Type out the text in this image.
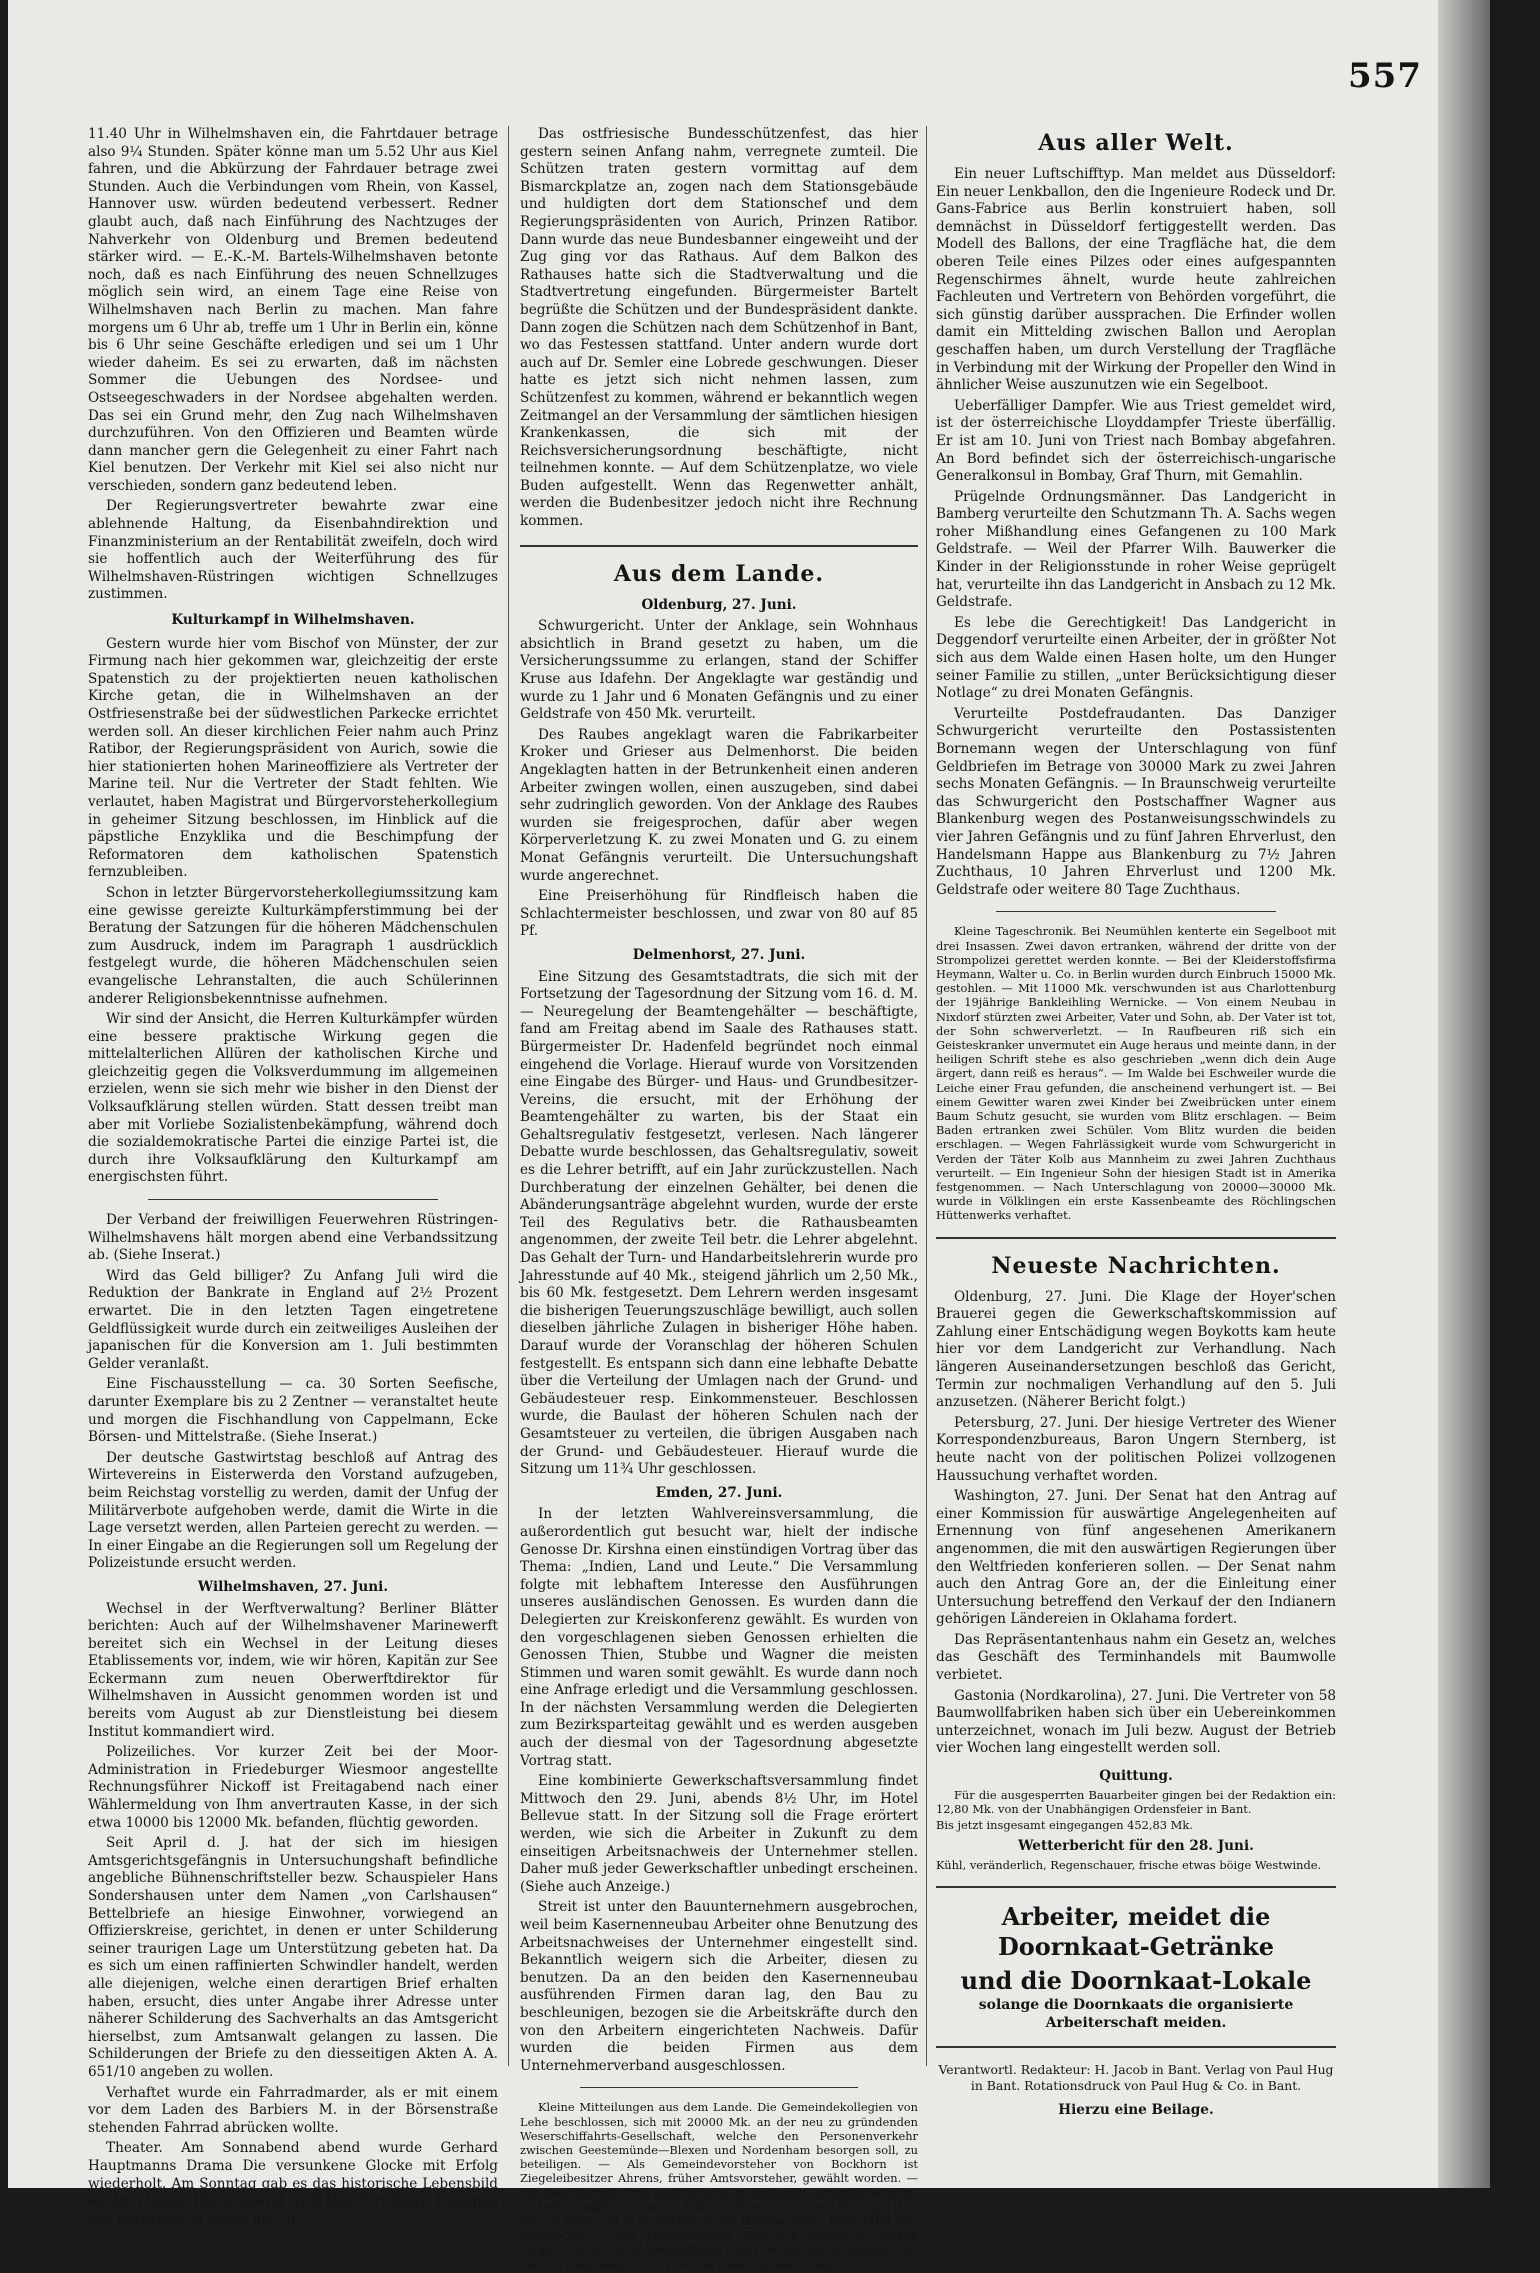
557

11.40 Uhr in Wilhelmshaven ein, die Fahrtdauer betrage also 9¼ Stunden. Später könne man um 5.52 Uhr aus Kiel fahren, und die Abkürzung der Fahrdauer betrage zwei Stunden. Auch die Verbindungen vom Rhein, von Kassel, Hannover usw. würden bedeutend verbessert. Redner glaubt auch, daß nach Einführung des Nachtzuges der Nahverkehr von Oldenburg und Bremen bedeutend stärker wird. — E.-K.-M. Bartels-Wilhelmshaven betonte noch, daß es nach Einführung des neuen Schnellzuges möglich sein wird, an einem Tage eine Reise von Wilhelmshaven nach Berlin zu machen. Man fahre morgens um 6 Uhr ab, treffe um 1 Uhr in Berlin ein, könne bis 6 Uhr seine Geschäfte erledigen und sei um 1 Uhr wieder daheim. Es sei zu erwarten, daß im nächsten Sommer die Uebungen des Nordsee- und Ostseegeschwaders in der Nordsee abgehalten werden. Das sei ein Grund mehr, den Zug nach Wilhelmshaven durchzuführen. Von den Offizieren und Beamten würde dann mancher gern die Gelegenheit zu einer Fahrt nach Kiel benutzen. Der Verkehr mit Kiel sei also nicht nur verschieden, sondern ganz bedeutend leben.

Der Regierungsvertreter bewahrte zwar eine ablehnende Haltung, da Eisenbahndirektion und Finanzministerium an der Rentabilität zweifeln, doch wird sie hoffentlich auch der Weiterführung des für Wilhelmshaven-Rüstringen wichtigen Schnellzuges zustimmen.

Kulturkampf in Wilhelmshaven.

Gestern wurde hier vom Bischof von Münster, der zur Firmung nach hier gekommen war, gleichzeitig der erste Spatenstich zu der projektierten neuen katholischen Kirche getan, die in Wilhelmshaven an der Ostfriesenstraße bei der südwestlichen Parkecke errichtet werden soll. An dieser kirchlichen Feier nahm auch Prinz Ratibor, der Regierungspräsident von Aurich, sowie die hier stationierten hohen Marineoffiziere als Vertreter der Marine teil. Nur die Vertreter der Stadt fehlten. Wie verlautet, haben Magistrat und Bürgervorsteherkollegium in geheimer Sitzung beschlossen, im Hinblick auf die päpstliche Enzyklika und die Beschimpfung der Reformatoren dem katholischen Spatenstich fernzubleiben.

Schon in letzter Bürgervorsteherkollegiumssitzung kam eine gewisse gereizte Kulturkämpferstimmung bei der Beratung der Satzungen für die höheren Mädchenschulen zum Ausdruck, indem im Paragraph 1 ausdrücklich festgelegt wurde, die höheren Mädchenschulen seien evangelische Lehranstalten, die auch Schülerinnen anderer Religionsbekenntnisse aufnehmen.

Wir sind der Ansicht, die Herren Kulturkämpfer würden eine bessere praktische Wirkung gegen die mittelalterlichen Allüren der katholischen Kirche und gleichzeitig gegen die Volksverdummung im allgemeinen erzielen, wenn sie sich mehr wie bisher in den Dienst der Volksaufklärung stellen würden. Statt dessen treibt man aber mit Vorliebe Sozialistenbekämpfung, während doch die sozialdemokratische Partei die einzige Partei ist, die durch ihre Volksaufklärung den Kulturkampf am energischsten führt.

Der Verband der freiwilligen Feuerwehren Rüstringen-Wilhelmshavens hält morgen abend eine Verbandssitzung ab. (Siehe Inserat.)

Wird das Geld billiger? Zu Anfang Juli wird die Reduktion der Bankrate in England auf 2½ Prozent erwartet. Die in den letzten Tagen eingetretene Geldflüssigkeit wurde durch ein zeitweiliges Ausleihen der japanischen für die Konversion am 1. Juli bestimmten Gelder veranlaßt.

Eine Fischausstellung — ca. 30 Sorten Seefische, darunter Exemplare bis zu 2 Zentner — veranstaltet heute und morgen die Fischhandlung von Cappelmann, Ecke Börsen- und Mittelstraße. (Siehe Inserat.)

Der deutsche Gastwirtstag beschloß auf Antrag des Wirtevereins in Eisterwerda den Vorstand aufzugeben, beim Reichstag vorstellig zu werden, damit der Unfug der Militärverbote aufgehoben werde, damit die Wirte in die Lage versetzt werden, allen Parteien gerecht zu werden. — In einer Eingabe an die Regierungen soll um Regelung der Polizeistunde ersucht werden.

Wilhelmshaven, 27. Juni.

Wechsel in der Werftverwaltung? Berliner Blätter berichten: Auch auf der Wilhelmshavener Marinewerft bereitet sich ein Wechsel in der Leitung dieses Etablissements vor, indem, wie wir hören, Kapitän zur See Eckermann zum neuen Oberwerftdirektor für Wilhelmshaven in Aussicht genommen worden ist und bereits vom August ab zur Dienstleistung bei diesem Institut kommandiert wird.

Polizeiliches. Vor kurzer Zeit bei der Moor-Administration in Friedeburger Wiesmoor angestellte Rechnungsführer Nickoff ist Freitagabend nach einer Wählermeldung von Ihm anvertrauten Kasse, in der sich etwa 10000 bis 12000 Mk. befanden, flüchtig geworden.

Seit April d. J. hat der sich im hiesigen Amtsgerichtsgefängnis in Untersuchungshaft befindliche angebliche Bühnenschriftsteller bezw. Schauspieler Hans Sondershausen unter dem Namen „von Carlshausen“ Bettelbriefe an hiesige Einwohner, vorwiegend an Offizierskreise, gerichtet, in denen er unter Schilderung seiner traurigen Lage um Unterstützung gebeten hat. Da es sich um einen raffinierten Schwindler handelt, werden alle diejenigen, welche einen derartigen Brief erhalten haben, ersucht, dies unter Angabe ihrer Adresse unter näherer Schilderung des Sachverhalts an das Amtsgericht hierselbst, zum Amtsanwalt gelangen zu lassen. Die Schilderungen der Briefe zu den diesseitigen Akten A. A. 651/10 angeben zu wollen.

Verhaftet wurde ein Fahrradmarder, als er mit einem vor dem Laden des Barbiers M. in der Börsenstraße stehenden Fahrrad abrücken wollte.

Theater. Am Sonnabend abend wurde Gerhard Hauptmanns Drama Die versunkene Glocke mit Erfolg wiederholt. Am Sonntag gab es das historische Lebensbild Königin Luise. Heute abend wird Das Forsthaus, Lustspiel von Kotzebue, in Szene gehen.

Das ostfriesische Bundesschützenfest, das hier gestern seinen Anfang nahm, verregnete zumteil. Die Schützen traten gestern vormittag auf dem Bismarckplatze an, zogen nach dem Stationsgebäude und huldigten dort dem Stationschef und dem Regierungspräsidenten von Aurich, Prinzen Ratibor. Dann wurde das neue Bundesbanner eingeweiht und der Zug ging vor das Rathaus. Auf dem Balkon des Rathauses hatte sich die Stadtverwaltung und die Stadtvertretung eingefunden. Bürgermeister Bartelt begrüßte die Schützen und der Bundespräsident dankte. Dann zogen die Schützen nach dem Schützenhof in Bant, wo das Festessen stattfand. Unter andern wurde dort auch auf Dr. Semler eine Lobrede geschwungen. Dieser hatte es jetzt sich nicht nehmen lassen, zum Schützenfest zu kommen, während er bekanntlich wegen Zeitmangel an der Versammlung der sämtlichen hiesigen Krankenkassen, die sich mit der Reichsversicherungsordnung beschäftigte, nicht teilnehmen konnte. — Auf dem Schützenplatze, wo viele Buden aufgestellt. Wenn das Regenwetter anhält, werden die Budenbesitzer jedoch nicht ihre Rechnung kommen.

Aus dem Lande.
Oldenburg, 27. Juni.

Schwurgericht. Unter der Anklage, sein Wohnhaus absichtlich in Brand gesetzt zu haben, um die Versicherungssumme zu erlangen, stand der Schiffer Kruse aus Idafehn. Der Angeklagte war geständig und wurde zu 1 Jahr und 6 Monaten Gefängnis und zu einer Geldstrafe von 450 Mk. verurteilt.

Des Raubes angeklagt waren die Fabrikarbeiter Kroker und Grieser aus Delmenhorst. Die beiden Angeklagten hatten in der Betrunkenheit einen anderen Arbeiter zwingen wollen, einen auszugeben, sind dabei sehr zudringlich geworden. Von der Anklage des Raubes wurden sie freigesprochen, dafür aber wegen Körperverletzung K. zu zwei Monaten und G. zu einem Monat Gefängnis verurteilt. Die Untersuchungshaft wurde angerechnet.

Eine Preiserhöhung für Rindfleisch haben die Schlachtermeister beschlossen, und zwar von 80 auf 85 Pf.

Delmenhorst, 27. Juni.

Eine Sitzung des Gesamtstadtrats, die sich mit der Fortsetzung der Tagesordnung der Sitzung vom 16. d. M. — Neuregelung der Beamtengehälter — beschäftigte, fand am Freitag abend im Saale des Rathauses statt. Bürgermeister Dr. Hadenfeld begründet noch einmal eingehend die Vorlage. Hierauf wurde von Vorsitzenden eine Eingabe des Bürger- und Haus- und Grundbesitzer-Vereins, die ersucht, mit der Erhöhung der Beamtengehälter zu warten, bis der Staat ein Gehaltsregulativ festgesetzt, verlesen. Nach längerer Debatte wurde beschlossen, das Gehaltsregulativ, soweit es die Lehrer betrifft, auf ein Jahr zurückzustellen. Nach Durchberatung der einzelnen Gehälter, bei denen die Abänderungsanträge abgelehnt wurden, wurde der erste Teil des Regulativs betr. die Rathausbeamten angenommen, der zweite Teil betr. die Lehrer abgelehnt. Das Gehalt der Turn- und Handarbeitslehrerin wurde pro Jahresstunde auf 40 Mk., steigend jährlich um 2,50 Mk., bis 60 Mk. festgesetzt. Dem Lehrern werden insgesamt die bisherigen Teuerungszuschläge bewilligt, auch sollen dieselben jährliche Zulagen in bisheriger Höhe haben. Darauf wurde der Voranschlag der höheren Schulen festgestellt. Es entspann sich dann eine lebhafte Debatte über die Verteilung der Umlagen nach der Grund- und Gebäudesteuer resp. Einkommensteuer. Beschlossen wurde, die Baulast der höheren Schulen nach der Gesamtsteuer zu verteilen, die übrigen Ausgaben nach der Grund- und Gebäudesteuer. Hierauf wurde die Sitzung um 11¾ Uhr geschlossen.

Emden, 27. Juni.

In der letzten Wahlvereinsversammlung, die außerordentlich gut besucht war, hielt der indische Genosse Dr. Kirshna einen einstündigen Vortrag über das Thema: „Indien, Land und Leute.“ Die Versammlung folgte mit lebhaftem Interesse den Ausführungen unseres ausländischen Genossen. Es wurden dann die Delegierten zur Kreiskonferenz gewählt. Es wurden von den vorgeschlagenen sieben Genossen erhielten die Genossen Thien, Stubbe und Wagner die meisten Stimmen und waren somit gewählt. Es wurde dann noch eine Anfrage erledigt und die Versammlung geschlossen. In der nächsten Versammlung werden die Delegierten zum Bezirksparteitag gewählt und es werden ausgeben auch der diesmal von der Tagesordnung abgesetzte Vortrag statt.

Eine kombinierte Gewerkschaftsversammlung findet Mittwoch den 29. Juni, abends 8½ Uhr, im Hotel Bellevue statt. In der Sitzung soll die Frage erörtert werden, wie sich die Arbeiter in Zukunft zu dem einseitigen Arbeitsnachweis der Unternehmer stellen. Daher muß jeder Gewerkschaftler unbedingt erscheinen. (Siehe auch Anzeige.)

Streit ist unter den Bauunternehmern ausgebrochen, weil beim Kasernenneubau Arbeiter ohne Benutzung des Arbeitsnachweises der Unternehmer eingestellt sind. Bekanntlich weigern sich die Arbeiter, diesen zu benutzen. Da an den beiden den Kasernenneubau ausführenden Firmen daran lag, den Bau zu beschleunigen, bezogen sie die Arbeitskräfte durch den von den Arbeitern eingerichteten Nachweis. Dafür wurden die beiden Firmen aus dem Unternehmerverband ausgeschlossen.

Kleine Mitteilungen aus dem Lande. Die Gemeindekollegien von Lehe beschlossen, sich mit 20000 Mk. an der neu zu gründenden Weserschiffahrts-Gesellschaft, welche den Personenverkehr zwischen Geestemünde—Blexen und Nordenham besorgen soll, zu beteiligen. — Als Gemeindevorsteher von Bockhorn ist Ziegeleibesitzer Ahrens, früher Amtsvorsteher, gewählt worden. — Mit dem Hammer sind sechs Renten in Grabstede verurteilt worden. — Dem Landmann Suhr in Holle wurden aus seiner Wohnung 150 Mk. in Gold und in Ersatzteilen der Postsparkasse über 1100 Mk. entwendet. — Der Lotsenaspirant Fechhelm sprang in Emden vorgestern auf einer lebensgefahr einen sechsjährigen Knaben, der bei der Eisenbahndrehbrücke ins Wasser gefallen war.

Aus aller Welt.

Ein neuer Luftschifftyp. Man meldet aus Düsseldorf: Ein neuer Lenkballon, den die Ingenieure Rodeck und Dr. Gans-Fabrice aus Berlin konstruiert haben, soll demnächst in Düsseldorf fertiggestellt werden. Das Modell des Ballons, der eine Tragfläche hat, die dem oberen Teile eines Pilzes oder eines aufgespannten Regenschirmes ähnelt, wurde heute zahlreichen Fachleuten und Vertretern von Behörden vorgeführt, die sich günstig darüber aussprachen. Die Erfinder wollen damit ein Mittelding zwischen Ballon und Aeroplan geschaffen haben, um durch Verstellung der Tragfläche in Verbindung mit der Wirkung der Propeller den Wind in ähnlicher Weise auszunutzen wie ein Segelboot.

Ueberfälliger Dampfer. Wie aus Triest gemeldet wird, ist der österreichische Lloyddampfer Trieste überfällig. Er ist am 10. Juni von Triest nach Bombay abgefahren. An Bord befindet sich der österreichisch-ungarische Generalkonsul in Bombay, Graf Thurn, mit Gemahlin.

Prügelnde Ordnungsmänner. Das Landgericht in Bamberg verurteilte den Schutzmann Th. A. Sachs wegen roher Mißhandlung eines Gefangenen zu 100 Mark Geldstrafe. — Weil der Pfarrer Wilh. Bauwerker die Kinder in der Religionsstunde in roher Weise geprügelt hat, verurteilte ihn das Landgericht in Ansbach zu 12 Mk. Geldstrafe.

Es lebe die Gerechtigkeit! Das Landgericht in Deggendorf verurteilte einen Arbeiter, der in größter Not sich aus dem Walde einen Hasen holte, um den Hunger seiner Familie zu stillen, „unter Berücksichtigung dieser Notlage“ zu drei Monaten Gefängnis.

Verurteilte Postdefraudanten. Das Danziger Schwurgericht verurteilte den Postassistenten Bornemann wegen der Unterschlagung von fünf Geldbriefen im Betrage von 30000 Mark zu zwei Jahren sechs Monaten Gefängnis. — In Braunschweig verurteilte das Schwurgericht den Postschaffner Wagner aus Blankenburg wegen des Postanweisungsschwindels zu vier Jahren Gefängnis und zu fünf Jahren Ehrverlust, den Handelsmann Happe aus Blankenburg zu 7½ Jahren Zuchthaus, 10 Jahren Ehrverlust und 1200 Mk. Geldstrafe oder weitere 80 Tage Zuchthaus.

Kleine Tageschronik. Bei Neumühlen kenterte ein Segelboot mit drei Insassen. Zwei davon ertranken, während der dritte von der Strompolizei gerettet werden konnte. — Bei der Kleiderstoffsfirma Heymann, Walter u. Co. in Berlin wurden durch Einbruch 15000 Mk. gestohlen. — Mit 11000 Mk. verschwunden ist aus Charlottenburg der 19jährige Bankleihling Wernicke. — Von einem Neubau in Nixdorf stürzten zwei Arbeiter, Vater und Sohn, ab. Der Vater ist tot, der Sohn schwerverletzt. — In Raufbeuren riß sich ein Geisteskranker unvermutet ein Auge heraus und meinte dann, in der heiligen Schrift stehe es also geschrieben „wenn dich dein Auge ärgert, dann reiß es heraus“. — Im Walde bei Eschweiler wurde die Leiche einer Frau gefunden, die anscheinend verhungert ist. — Bei einem Gewitter waren zwei Kinder bei Zweibrücken unter einem Baum Schutz gesucht, sie wurden vom Blitz erschlagen. — Beim Baden ertranken zwei Schüler. Vom Blitz wurden die beiden erschlagen. — Wegen Fahrlässigkeit wurde vom Schwurgericht in Verden der Täter Kolb aus Mannheim zu zwei Jahren Zuchthaus verurteilt. — Ein Ingenieur Sohn der hiesigen Stadt ist in Amerika festgenommen. — Nach Unterschlagung von 20000—30000 Mk. wurde in Völklingen ein erste Kassenbeamte des Röchlingschen Hüttenwerks verhaftet.

Neueste Nachrichten.

Oldenburg, 27. Juni. Die Klage der Hoyer'schen Brauerei gegen die Gewerkschaftskommission auf Zahlung einer Entschädigung wegen Boykotts kam heute hier vor dem Landgericht zur Verhandlung. Nach längeren Auseinandersetzungen beschloß das Gericht, Termin zur nochmaligen Verhandlung auf den 5. Juli anzusetzen. (Näherer Bericht folgt.)

Petersburg, 27. Juni. Der hiesige Vertreter des Wiener Korrespondenzbureaus, Baron Ungern Sternberg, ist heute nacht von der politischen Polizei vollzogenen Haussuchung verhaftet worden.

Washington, 27. Juni. Der Senat hat den Antrag auf einer Kommission für auswärtige Angelegenheiten auf Ernennung von fünf angesehenen Amerikanern angenommen, die mit den auswärtigen Regierungen über den Weltfrieden konferieren sollen. — Der Senat nahm auch den Antrag Gore an, der die Einleitung einer Untersuchung betreffend den Verkauf der den Indianern gehörigen Ländereien in Oklahama fordert.

Das Repräsentantenhaus nahm ein Gesetz an, welches das Geschäft des Terminhandels mit Baumwolle verbietet.

Gastonia (Nordkarolina), 27. Juni. Die Vertreter von 58 Baumwollfabriken haben sich über ein Uebereinkommen unterzeichnet, wonach im Juli bezw. August der Betrieb vier Wochen lang eingestellt werden soll.

Quittung.

Für die ausgesperrten Bauarbeiter gingen bei der Redaktion ein: 12,80 Mk. von der Unabhängigen Ordensfeier in Bant.

Bis jetzt insgesamt eingegangen 452,83 Mk.

Wetterbericht für den 28. Juni.

Kühl, veränderlich, Regenschauer, frische etwas böige Westwinde.

Arbeiter, meidet die Doornkaat-Getränke
und die Doornkaat-Lokale
solange die Doornkaats die organisierte Arbeiterschaft meiden.
Verantwortl. Redakteur: H. Jacob in Bant. Verlag von Paul Hug in Bant. Rotationsdruck von Paul Hug & Co. in Bant.
Hierzu eine Beilage.
